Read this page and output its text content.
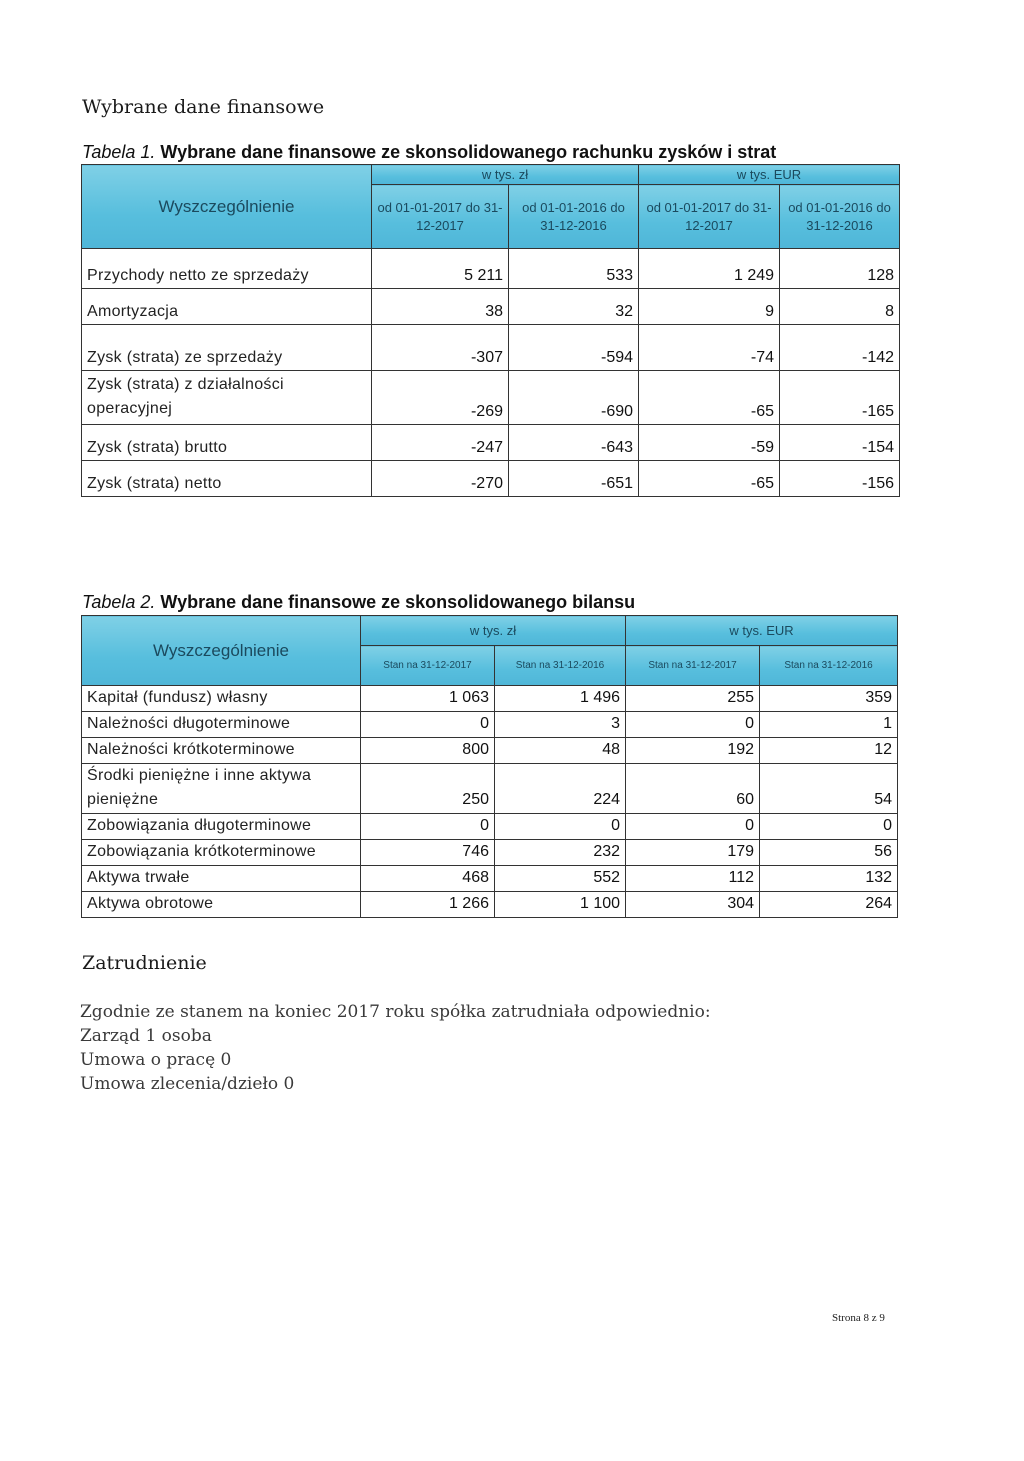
Wybrane dane finansowe
Tabela 1. Wybrane dane finansowe ze skonsolidowanego rachunku zysków i strat
Wyszczególnienie	w tys. zł		w tys. EUR	
	od 01-01-2017 do 31-12-2017	od 01-01-2016 do 31-12-2016	od 01-01-2017 do 31-12-2017	od 01-01-2016 do 31-12-2016
Przychody netto ze sprzedaży	5 211	533	1 249	128
Amortyzacja	38	32	9	8
Zysk (strata) ze sprzedaży	-307	-594	-74	-142
Zysk (strata) z działalności operacyjnej	-269	-690	-65	-165
Zysk (strata) brutto	-247	-643	-59	-154
Zysk (strata) netto	-270	-651	-65	-156
Tabela 2. Wybrane dane finansowe ze skonsolidowanego bilansu
Wyszczególnienie	w tys. zł		w tys. EUR	
	Stan na 31-12-2017	Stan na 31-12-2016	Stan na 31-12-2017	Stan na 31-12-2016
Kapitał (fundusz) własny	1 063	1 496	255	359
Należności długoterminowe	0	3	0	1
Należności krótkoterminowe	800	48	192	12
Środki pieniężne i inne aktywa pieniężne	250	224	60	54
Zobowiązania długoterminowe	0	0	0	0
Zobowiązania krótkoterminowe	746	232	179	56
Aktywa trwałe	468	552	112	132
Aktywa obrotowe	1 266	1 100	304	264
Zatrudnienie
Zgodnie ze stanem na koniec 2017 roku spółka zatrudniała odpowiednio:
Zarząd 1 osoba
Umowa o pracę 0
Umowa zlecenia/dzieło 0
Strona 8 z 9
